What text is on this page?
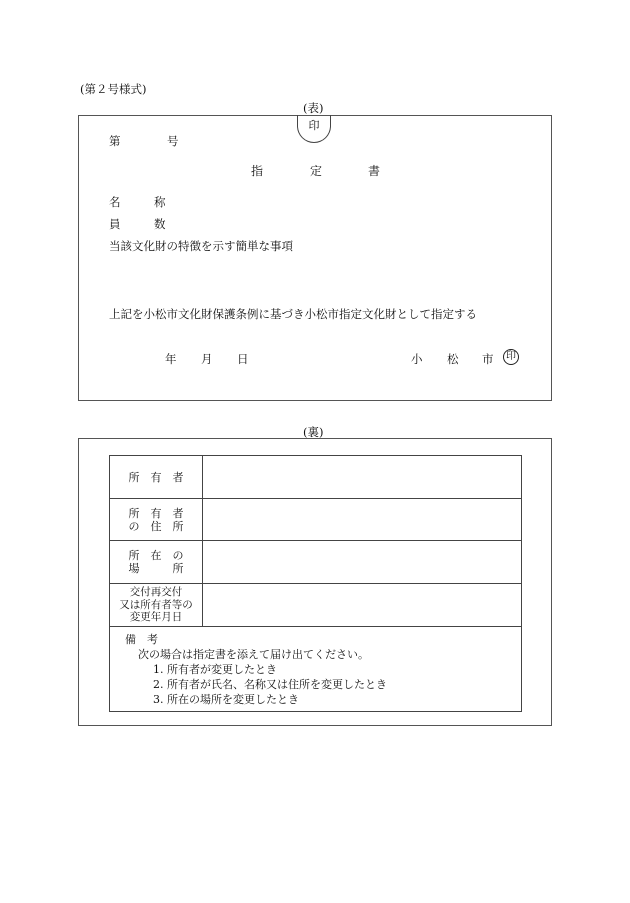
(第２号様式)
(表)
印
第	号
指	定	書
名	称
員	数
当該文化財の特徴を示す簡単な事項
上記を小松市文化財保護条例に基づき小松市指定文化財として指定する
年 月 日	小 松 市	印
(裏)
所　有　者	

所　有　者
の　住　所	

所　在　の
場　　　所	

交付再交付
又は所有者等の
変更年月日	

備　考
次の場合は指定書を添えて届け出てください。
1. 所有者が変更したとき
2. 所有者が氏名、名称又は住所を変更したとき
3. 所在の場所を変更したとき	
